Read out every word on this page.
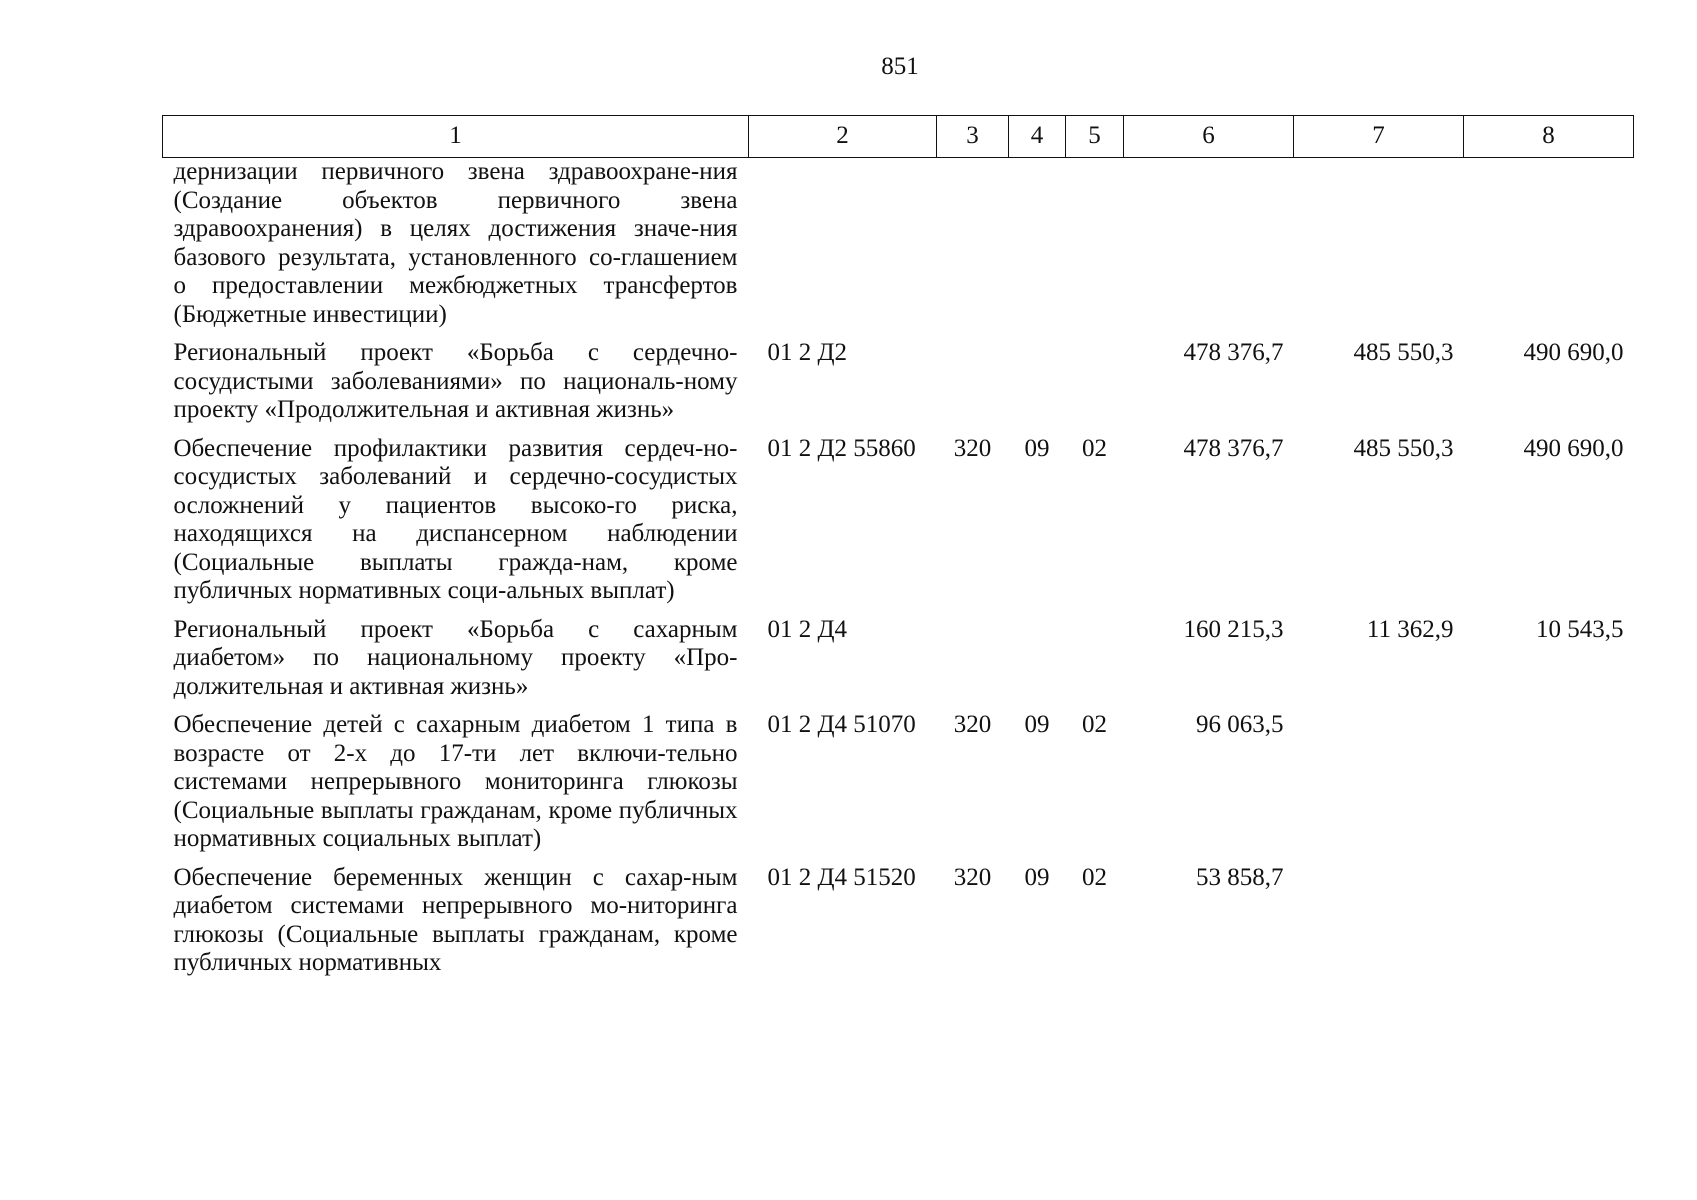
851
1	2	3	4	5	6	7	8
дернизации первичного звена здравоохране-ния (Создание объектов первичного звена здравоохранения) в целях достижения значе-ния базового результата, установленного со-глашением о предоставлении межбюджетных трансфертов (Бюджетные инвестиции)							
Региональный проект «Борьба с сердечно-сосудистыми заболеваниями» по националь-ному проекту «Продолжительная и активная жизнь»	01 2 Д2				478 376,7	485 550,3	490 690,0
Обеспечение профилактики развития сердеч-но-сосудистых заболеваний и сердечно-сосудистых осложнений у пациентов высоко-го риска, находящихся на диспансерном наблюдении (Социальные выплаты гражда-нам, кроме публичных нормативных соци-альных выплат)	01 2 Д2 55860	320	09	02	478 376,7	485 550,3	490 690,0
Региональный проект «Борьба с сахарным диабетом» по национальному проекту «Про-должительная и активная жизнь»	01 2 Д4				160 215,3	11 362,9	10 543,5
Обеспечение детей с сахарным диабетом 1 типа в возрасте от 2-х до 17-ти лет включи-тельно системами непрерывного мониторинга глюкозы (Социальные выплаты гражданам, кроме публичных нормативных социальных выплат)	01 2 Д4 51070	320	09	02	96 063,5		
Обеспечение беременных женщин с сахар-ным диабетом системами непрерывного мо-ниторинга глюкозы (Социальные выплаты гражданам, кроме публичных нормативных	01 2 Д4 51520	320	09	02	53 858,7		
